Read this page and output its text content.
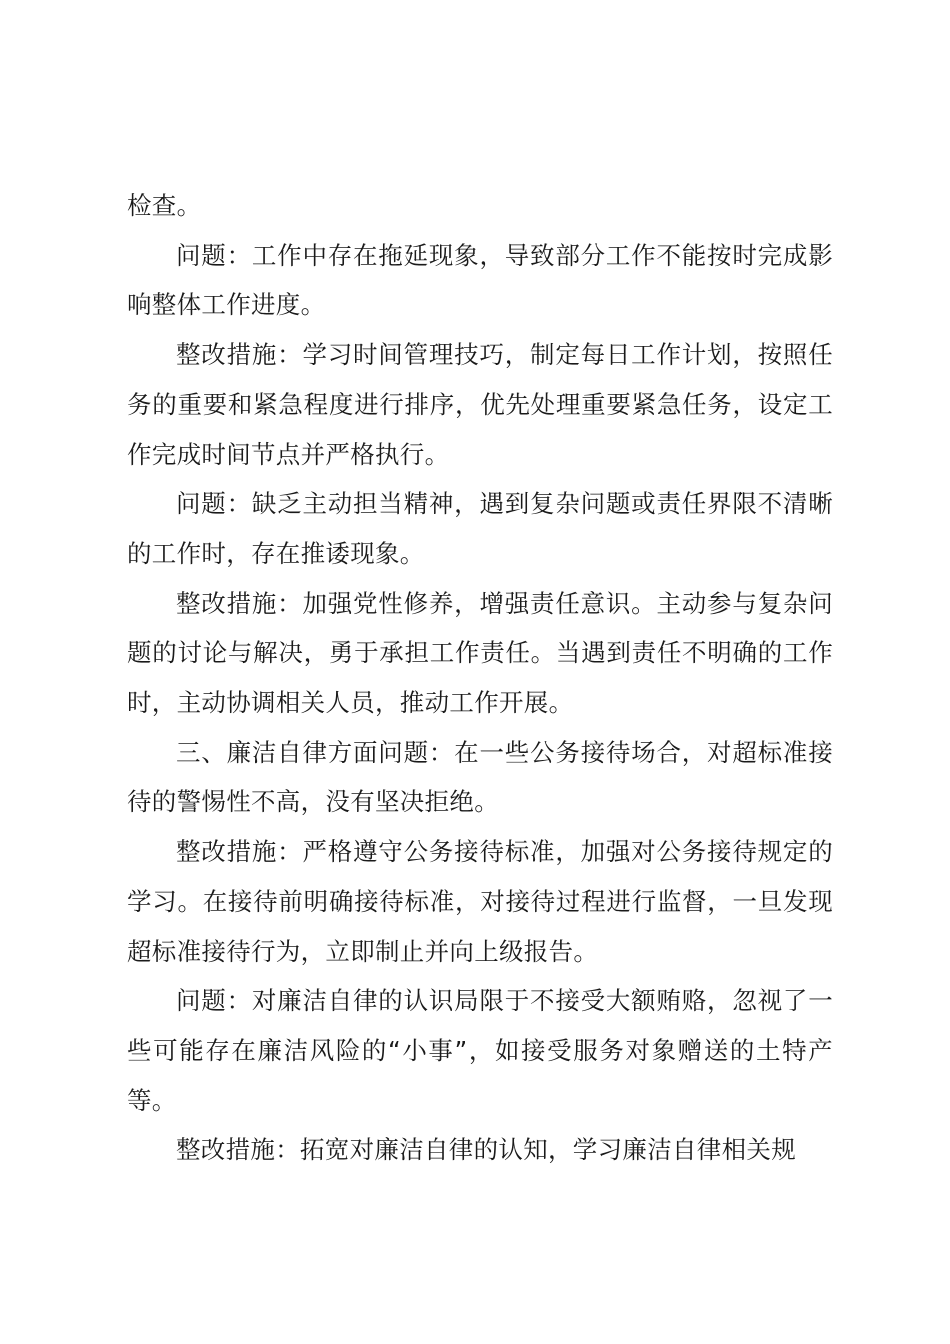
检查。

问题：工作中存在拖延现象，导致部分工作不能按时完成影响整体工作进度。

整改措施：学习时间管理技巧，制定每日工作计划，按照任务的重要和紧急程度进行排序，优先处理重要紧急任务，设定工作完成时间节点并严格执行。

问题：缺乏主动担当精神，遇到复杂问题或责任界限不清晰的工作时，存在推诿现象。

整改措施：加强党性修养，增强责任意识。主动参与复杂问题的讨论与解决，勇于承担工作责任。当遇到责任不明确的工作时，主动协调相关人员，推动工作开展。

三、廉洁自律方面问题：在一些公务接待场合，对超标准接待的警惕性不高，没有坚决拒绝。

整改措施：严格遵守公务接待标准，加强对公务接待规定的学习。在接待前明确接待标准，对接待过程进行监督，一旦发现超标准接待行为，立即制止并向上级报告。

问题：对廉洁自律的认识局限于不接受大额贿赂，忽视了一些可能存在廉洁风险的“小事”，如接受服务对象赠送的土特产等。

整改措施：拓宽对廉洁自律的认知，学习廉洁自律相关规
